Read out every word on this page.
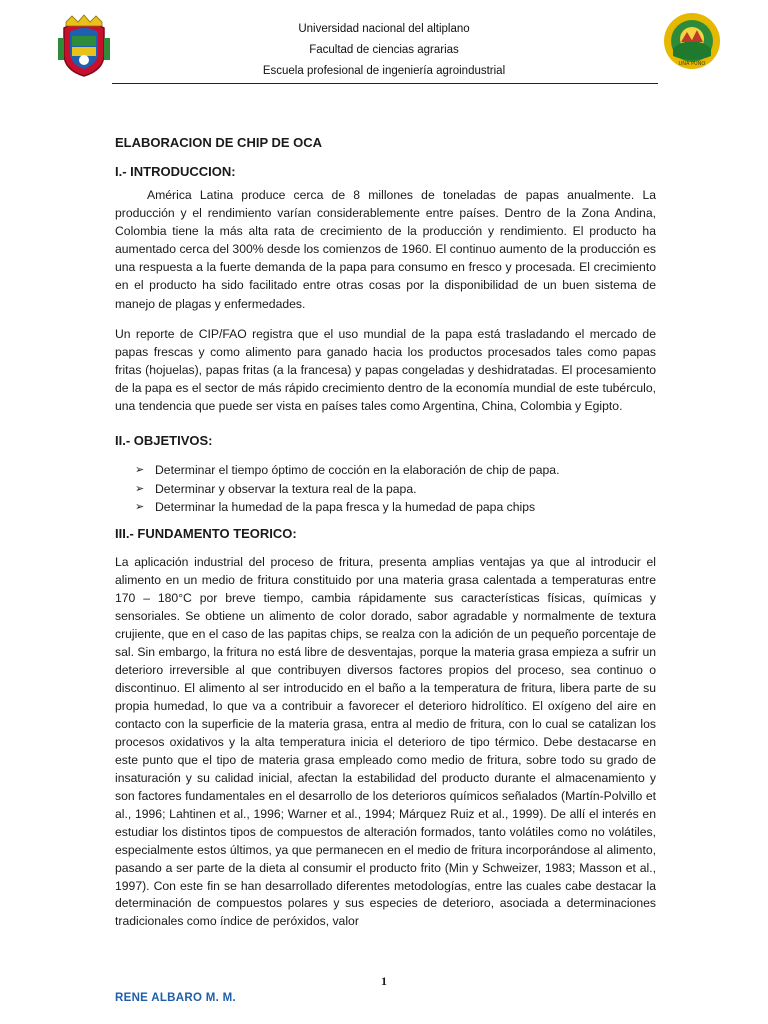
Universidad nacional del altiplano
Facultad de ciencias agrarias
Escuela profesional de ingeniería agroindustrial
UNA PUNO
ELABORACION DE CHIP DE OCA
I.- INTRODUCCION:

América Latina produce cerca de 8 millones de toneladas de papas anualmente. La producción y el rendimiento varían considerablemente entre países. Dentro de la Zona Andina, Colombia tiene la más alta rata de crecimiento de la producción y rendimiento. El producto ha aumentado cerca del 300% desde los comienzos de 1960. El continuo aumento de la producción es una respuesta a la fuerte demanda de la papa para consumo en fresco y procesada. El crecimiento en el producto ha sido facilitado entre otras cosas por la disponibilidad de un buen sistema de manejo de plagas y enfermedades.

Un reporte de CIP/FAO registra que el uso mundial de la papa está trasladando el mercado de papas frescas y como alimento para ganado hacia los productos procesados tales como papas fritas (hojuelas), papas fritas (a la francesa) y papas congeladas y deshidratadas. El procesamiento de la papa es el sector de más rápido crecimiento dentro de la economía mundial de este tubérculo, una tendencia que puede ser vista en países tales como Argentina, China, Colombia y Egipto.

II.- OBJETIVOS:
➢ Determinar el tiempo óptimo de cocción en la elaboración de chip de papa.
➢ Determinar y observar la textura real de la papa.
➢ Determinar la humedad de la papa fresca y la humedad de papa chips
III.- FUNDAMENTO TEORICO:

La aplicación industrial del proceso de fritura, presenta amplias ventajas ya que al introducir el alimento en un medio de fritura constituido por una materia grasa calentada a temperaturas entre 170 – 180°C por breve tiempo, cambia rápidamente sus características físicas, químicas y sensoriales. Se obtiene un alimento de color dorado, sabor agradable y normalmente de textura crujiente, que en el caso de las papitas chips, se realza con la adición de un pequeño porcentaje de sal. Sin embargo, la fritura no está libre de desventajas, porque la materia grasa empieza a sufrir un deterioro irreversible al que contribuyen diversos factores propios del proceso, sea continuo o discontinuo. El alimento al ser introducido en el baño a la temperatura de fritura, libera parte de su propia humedad, lo que va a contribuir a favorecer el deterioro hidrolítico. El oxígeno del aire en contacto con la superficie de la materia grasa, entra al medio de fritura, con lo cual se catalizan los procesos oxidativos y la alta temperatura inicia el deterioro de tipo térmico. Debe destacarse en este punto que el tipo de materia grasa empleado como medio de fritura, sobre todo su grado de insaturación y su calidad inicial, afectan la estabilidad del producto durante el almacenamiento y son factores fundamentales en el desarrollo de los deterioros químicos señalados (Martín-Polvillo et al., 1996; Lahtinen et al., 1996; Warner et al., 1994; Márquez Ruiz et al., 1999). De allí el interés en estudiar los distintos tipos de compuestos de alteración formados, tanto volátiles como no volátiles, especialmente estos últimos, ya que permanecen en el medio de fritura incorporándose al alimento, pasando a ser parte de la dieta al consumir el producto frito (Min y Schweizer, 1983; Masson et al., 1997). Con este fin se han desarrollado diferentes metodologías, entre las cuales cabe destacar la determinación de compuestos polares y sus especies de deterioro, asociada a determinaciones tradicionales como índice de peróxidos, valor

1
RENE ALBARO M. M.
